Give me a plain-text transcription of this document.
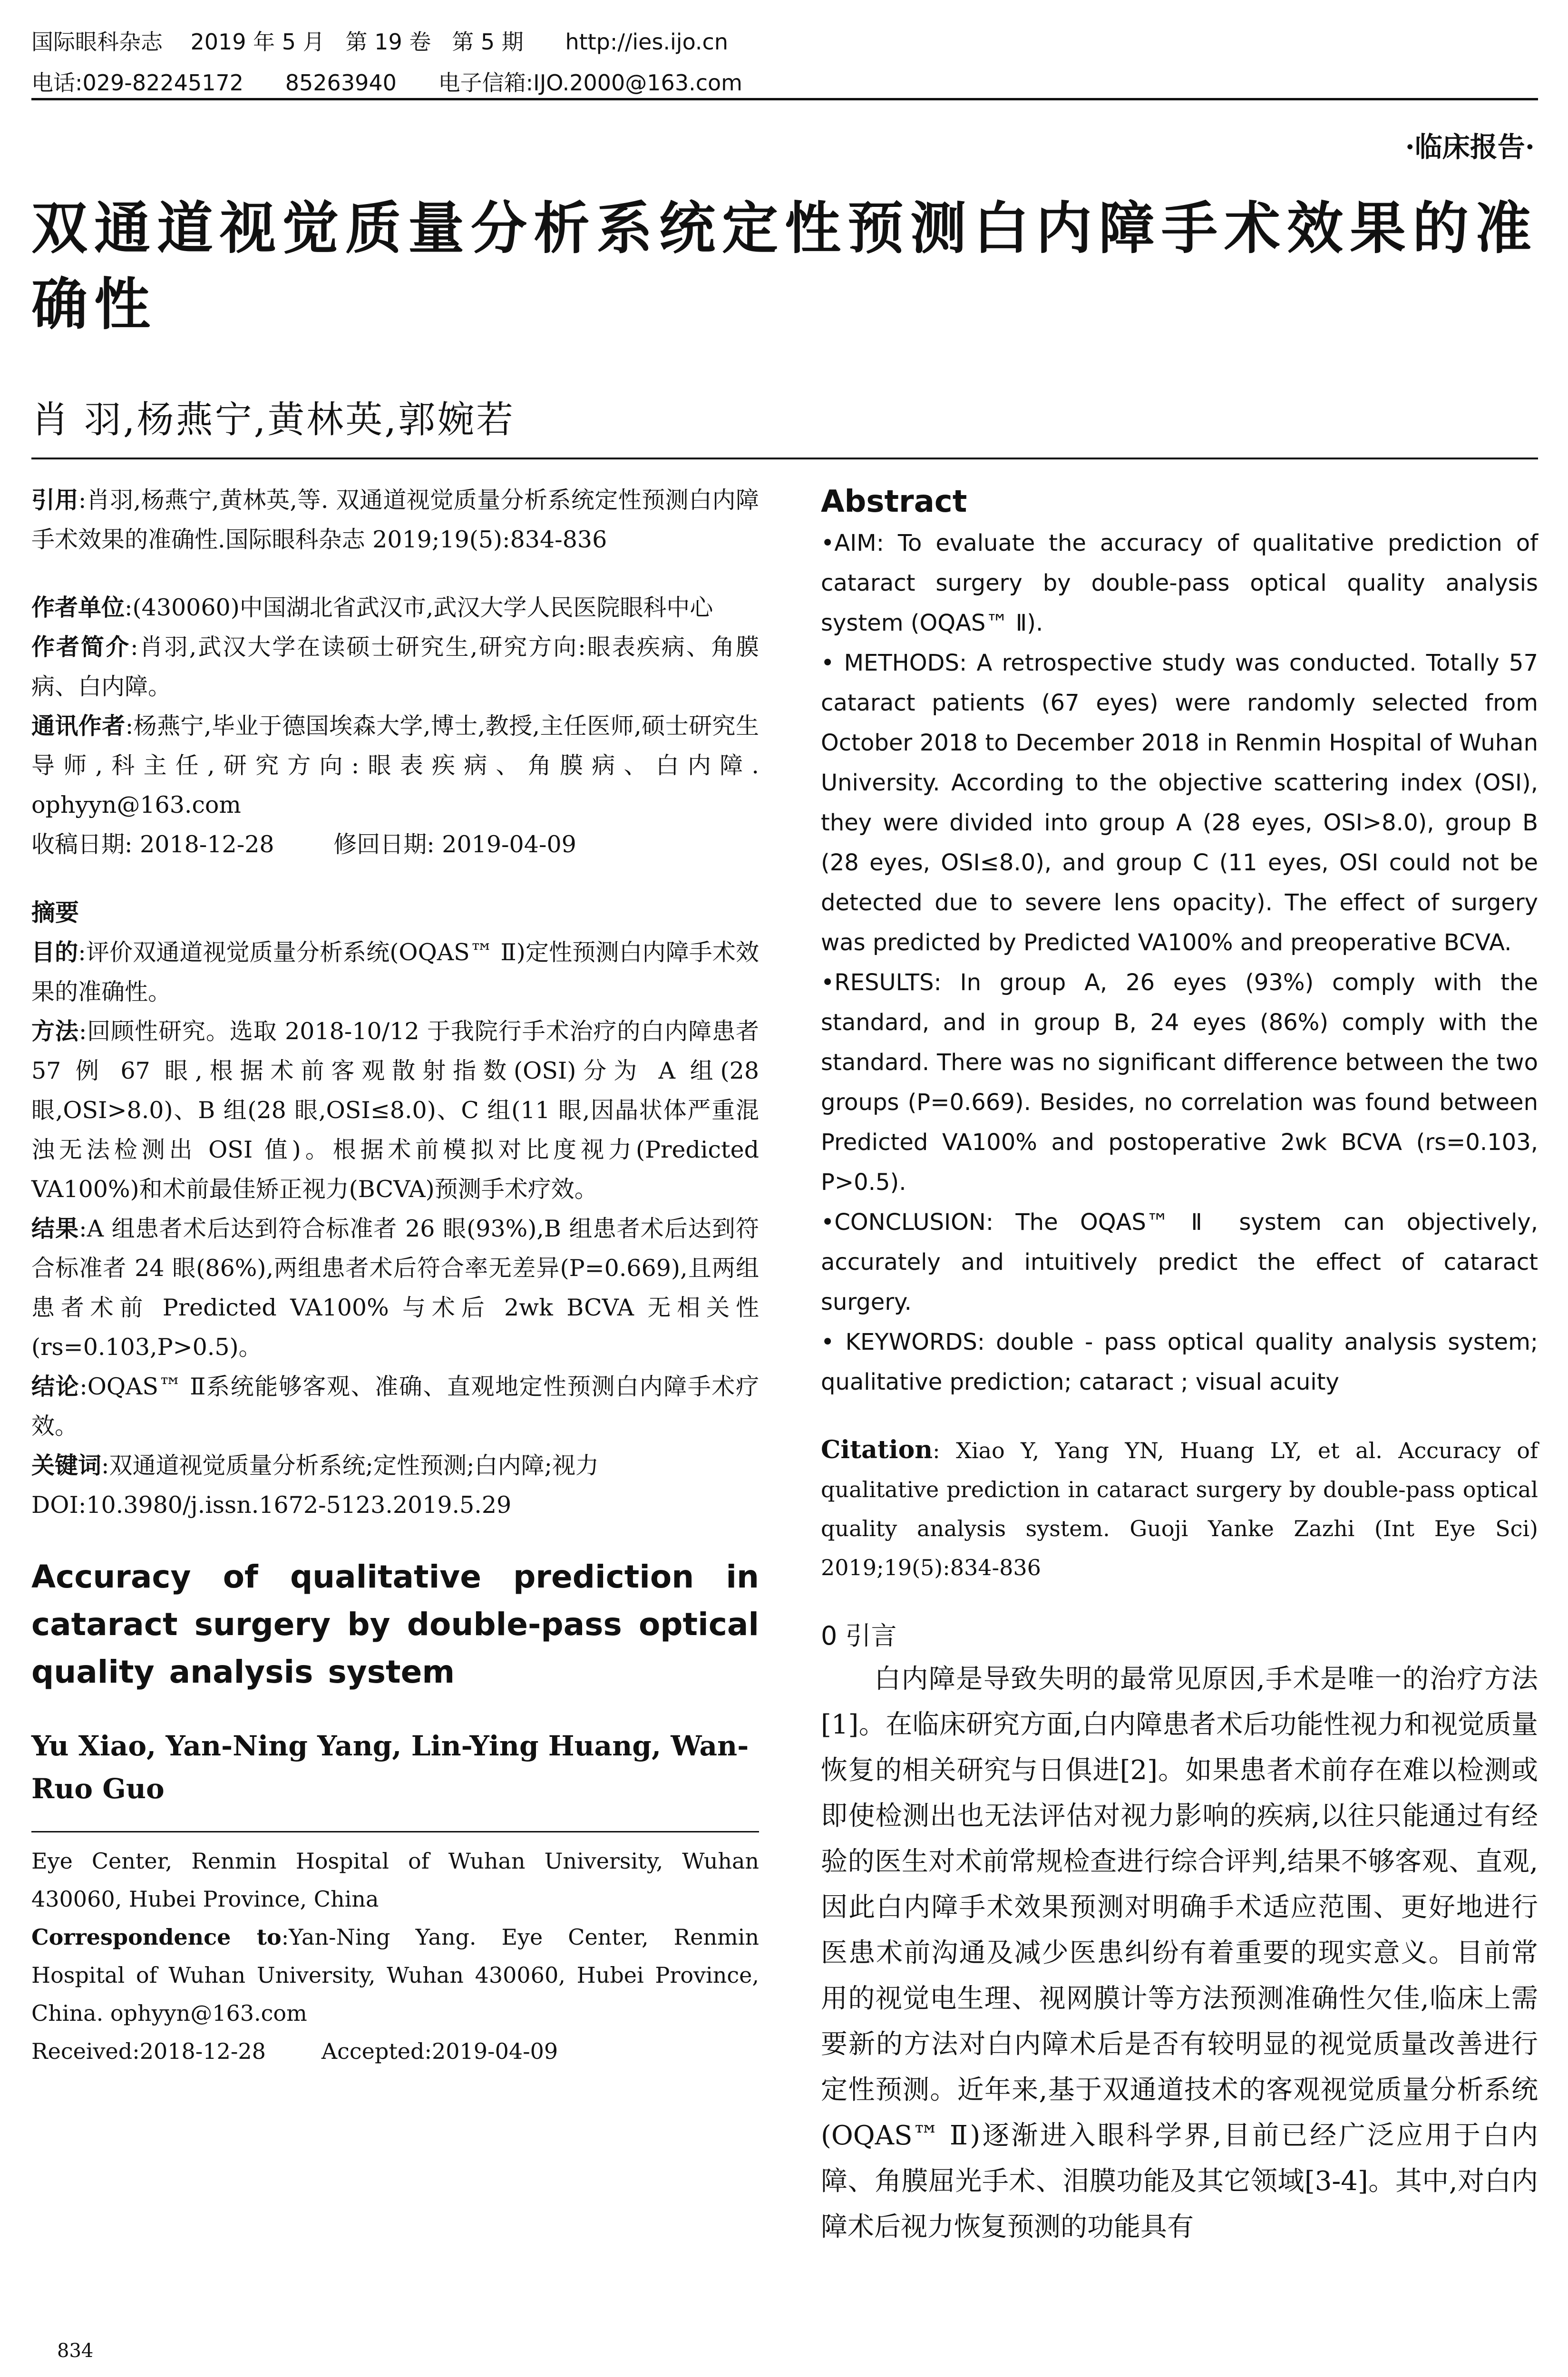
国际眼科杂志    2019 年 5 月   第 19 卷   第 5 期      http://ies.ijo.cn
电话:029-82245172      85263940      电子信箱:IJO.2000@163.com
·临床报告·
双通道视觉质量分析系统定性预测白内障手术效果的准确性
肖 羽,杨燕宁,黄林英,郭婉若
引用:肖羽,杨燕宁,黄林英,等. 双通道视觉质量分析系统定性预测白内障手术效果的准确性.国际眼科杂志 2019;19(5):834-836
作者单位:(430060)中国湖北省武汉市,武汉大学人民医院眼科中心
作者简介:肖羽,武汉大学在读硕士研究生,研究方向:眼表疾病、角膜病、白内障。
通讯作者:杨燕宁,毕业于德国埃森大学,博士,教授,主任医师,硕士研究生导师,科主任,研究方向:眼表疾病、角膜病、白内障. ophyyn@163.com
收稿日期: 2018-12-28        修回日期: 2019-04-09
摘要
目的:评价双通道视觉质量分析系统(OQAS™ Ⅱ)定性预测白内障手术效果的准确性。
方法:回顾性研究。选取 2018-10/12 于我院行手术治疗的白内障患者 57 例 67 眼,根据术前客观散射指数(OSI)分为 A 组(28 眼,OSI>8.0)、B 组(28 眼,OSI≤8.0)、C 组(11 眼,因晶状体严重混浊无法检测出 OSI 值)。根据术前模拟对比度视力(Predicted VA100%)和术前最佳矫正视力(BCVA)预测手术疗效。
结果:A 组患者术后达到符合标准者 26 眼(93%),B 组患者术后达到符合标准者 24 眼(86%),两组患者术后符合率无差异(P=0.669),且两组患者术前 Predicted VA100% 与术后 2wk BCVA 无相关性(rs=0.103,P>0.5)。
结论:OQAS™ Ⅱ系统能够客观、准确、直观地定性预测白内障手术疗效。
关键词:双通道视觉质量分析系统;定性预测;白内障;视力
DOI:10.3980/j.issn.1672-5123.2019.5.29
Accuracy of qualitative prediction in cataract surgery by double-pass optical quality analysis system
Yu Xiao, Yan-Ning Yang, Lin-Ying Huang, Wan-Ruo Guo
Eye Center, Renmin Hospital of Wuhan University, Wuhan 430060, Hubei Province, China
Correspondence to:Yan-Ning Yang. Eye Center, Renmin Hospital of Wuhan University, Wuhan 430060, Hubei Province, China. ophyyn@163.com
Received:2018-12-28        Accepted:2019-04-09
Abstract
•AIM: To evaluate the accuracy of qualitative prediction of cataract surgery by double-pass optical quality analysis system (OQAS™ Ⅱ).
• METHODS: A retrospective study was conducted. Totally 57 cataract patients (67 eyes) were randomly selected from October 2018 to December 2018 in Renmin Hospital of Wuhan University. According to the objective scattering index (OSI), they were divided into group A (28 eyes, OSI>8.0), group B (28 eyes, OSI≤8.0), and group C (11 eyes, OSI could not be detected due to severe lens opacity). The effect of surgery was predicted by Predicted VA100% and preoperative BCVA.
•RESULTS: In group A, 26 eyes (93%) comply with the standard, and in group B, 24 eyes (86%) comply with the standard. There was no significant difference between the two groups (P=0.669). Besides, no correlation was found between Predicted VA100% and postoperative 2wk BCVA (rs=0.103, P>0.5).
•CONCLUSION: The OQAS™ Ⅱ system can objectively, accurately and intuitively predict the effect of cataract surgery.
• KEYWORDS: double - pass optical quality analysis system; qualitative prediction; cataract ; visual acuity
Citation: Xiao Y, Yang YN, Huang LY, et al. Accuracy of qualitative prediction in cataract surgery by double-pass optical quality analysis system. Guoji Yanke Zazhi (Int Eye Sci) 2019;19(5):834-836
0 引言
白内障是导致失明的最常见原因,手术是唯一的治疗方法[1]。在临床研究方面,白内障患者术后功能性视力和视觉质量恢复的相关研究与日俱进[2]。如果患者术前存在难以检测或即使检测出也无法评估对视力影响的疾病,以往只能通过有经验的医生对术前常规检查进行综合评判,结果不够客观、直观,因此白内障手术效果预测对明确手术适应范围、更好地进行医患术前沟通及减少医患纠纷有着重要的现实意义。目前常用的视觉电生理、视网膜计等方法预测准确性欠佳,临床上需要新的方法对白内障术后是否有较明显的视觉质量改善进行定性预测。近年来,基于双通道技术的客观视觉质量分析系统(OQAS™ Ⅱ)逐渐进入眼科学界,目前已经广泛应用于白内障、角膜屈光手术、泪膜功能及其它领域[3-4]。其中,对白内障术后视力恢复预测的功能具有
834
